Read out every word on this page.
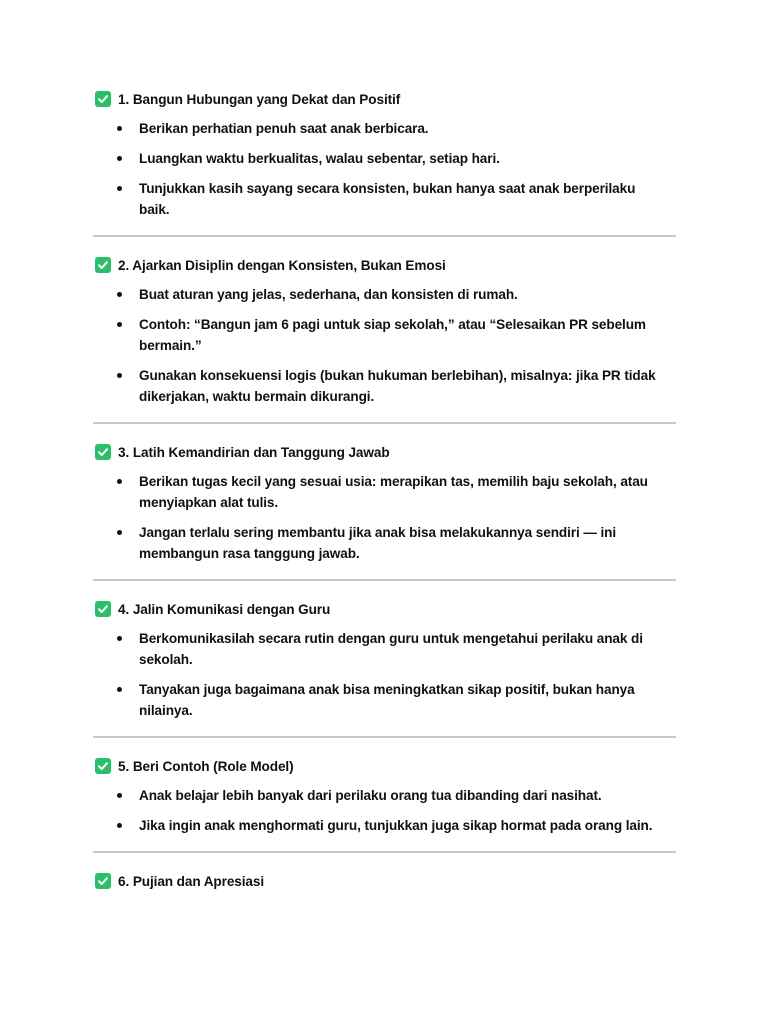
1. Bangun Hubungan yang Dekat dan Positif
Berikan perhatian penuh saat anak berbicara.
Luangkan waktu berkualitas, walau sebentar, setiap hari.
Tunjukkan kasih sayang secara konsisten, bukan hanya saat anak berperilaku baik.
2. Ajarkan Disiplin dengan Konsisten, Bukan Emosi
Buat aturan yang jelas, sederhana, dan konsisten di rumah.
Contoh: “Bangun jam 6 pagi untuk siap sekolah,” atau “Selesaikan PR sebelum bermain.”
Gunakan konsekuensi logis (bukan hukuman berlebihan), misalnya: jika PR tidak dikerjakan, waktu bermain dikurangi.
3. Latih Kemandirian dan Tanggung Jawab
Berikan tugas kecil yang sesuai usia: merapikan tas, memilih baju sekolah, atau menyiapkan alat tulis.
Jangan terlalu sering membantu jika anak bisa melakukannya sendiri — ini membangun rasa tanggung jawab.
4. Jalin Komunikasi dengan Guru
Berkomunikasilah secara rutin dengan guru untuk mengetahui perilaku anak di sekolah.
Tanyakan juga bagaimana anak bisa meningkatkan sikap positif, bukan hanya nilainya.
5. Beri Contoh (Role Model)
Anak belajar lebih banyak dari perilaku orang tua dibanding dari nasihat.
Jika ingin anak menghormati guru, tunjukkan juga sikap hormat pada orang lain.
6. Pujian dan Apresiasi
